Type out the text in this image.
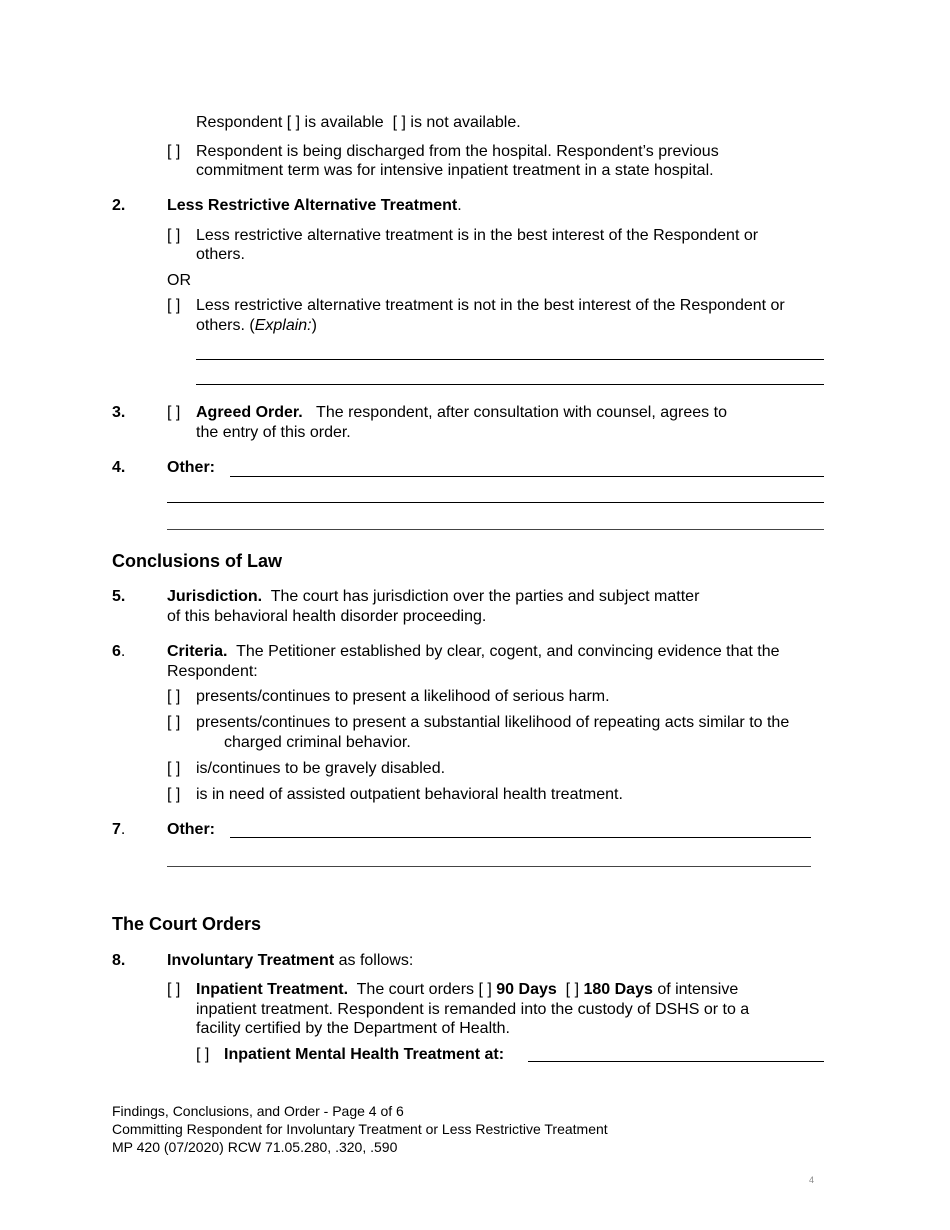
Respondent [ ] is available [ ] is not available.
[ ] Respondent is being discharged from the hospital. Respondent’s previous
commitment term was for intensive inpatient treatment in a state hospital.
2.	Less Restrictive Alternative Treatment.
[ ] Less restrictive alternative treatment is in the best interest of the Respondent or
others.
OR
[ ] Less restrictive alternative treatment is not in the best interest of the Respondent or
others. (Explain:)
3.	[ ] Agreed Order. The respondent, after consultation with counsel, agrees to
the entry of this order.
4.	Other:
Conclusions of Law
5.	Jurisdiction. The court has jurisdiction over the parties and subject matter
of this behavioral health disorder proceeding.
6.	Criteria. The Petitioner established by clear, cogent, and convincing evidence that the
Respondent:
[ ] presents/continues to present a likelihood of serious harm.
[ ] presents/continues to present a substantial likelihood of repeating acts similar to the
charged criminal behavior.
[ ] is/continues to be gravely disabled.
[ ] is in need of assisted outpatient behavioral health treatment.
7.	Other:
The Court Orders
8.	Involuntary Treatment as follows:
[ ] Inpatient Treatment. The court orders [ ] 90 Days [ ] 180 Days of intensive
inpatient treatment. Respondent is remanded into the custody of DSHS or to a
facility certified by the Department of Health.
[ ] Inpatient Mental Health Treatment at:
Findings, Conclusions, and Order - Page 4 of 6
Committing Respondent for Involuntary Treatment or Less Restrictive Treatment
MP 420 (07/2020) RCW 71.05.280, .320, .590
4
